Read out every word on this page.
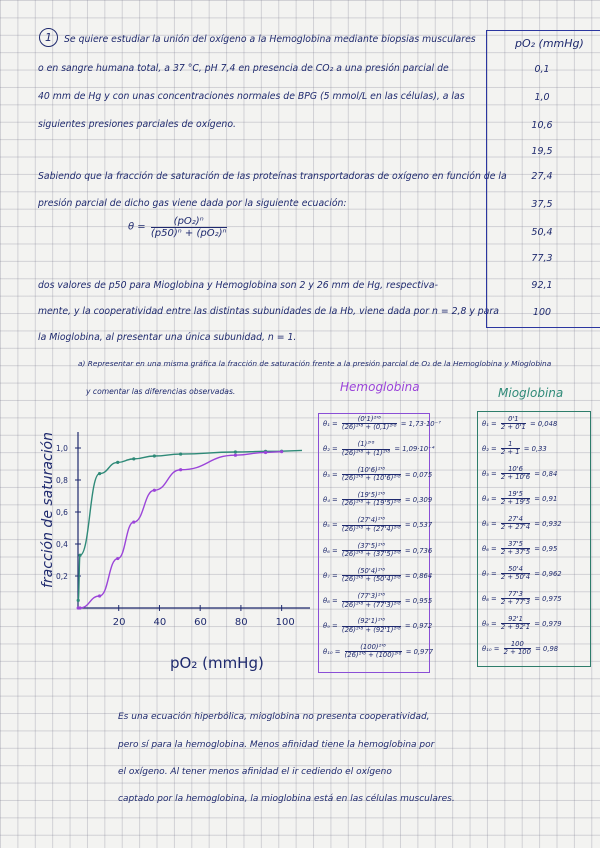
1	Se quiere estudiar la unión del oxígeno a la Hemoglobina mediante biopsias musculares
o en sangre humana total, a 37 °C, pH 7,4 en presencia de CO₂ a una presión parcial de
40 mm de Hg y con unas concentraciones normales de BPG (5 mmol/L en las células), a las
siguientes presiones parciales de oxígeno.
Sabiendo que la fracción de saturación de las proteínas transportadoras de oxígeno en función de la
presión parcial de dicho gas viene dada por la siguiente ecuación:
$\theta = \frac{\text{(pO₂)ⁿ}}{\text{(p50)ⁿ + (pO₂)ⁿ}}$
dos valores de p50 para Mioglobina y Hemoglobina son 2 y 26 mm de Hg, respectiva-
mente, y la cooperatividad entre las distintas subunidades de la Hb, viene dada por n = 2,8 y para
la Mioglobina, al presentar una única subunidad, n = 1.
a) Representar en una misma gráfica la fracción de saturación frente a la presión parcial de O₂ de la Hemoglobina y Mioglobina
y comentar las diferencias observadas.
pO₂ (mmHg)
0,1
1,0
10,6
19,5
27,4
37,5
50,4
77,3
92,1
100
Hemoglobina	Mioglobina
$\theta_1 = \frac{\text{(0'1)²'⁸}}{\text{(26)²'⁸ + (0,1)²'⁸}} = 1,73\cdot 10^{-7}$
$\theta_2 = \frac{\text{(1)²'⁸}}{\text{(26)²'⁸ + (1)²'⁸}} = 1,09\cdot 10^{-4}$
$\theta_3 = \frac{\text{(10'6)²'⁸}}{\text{(26)²'⁸ + (10'6)²'⁸}} = 0,075$
$\theta_4 = \frac{\text{(19'5)²'⁸}}{\text{(26)²'⁸ + (19'5)²'⁸}} = 0,309$
$\theta_5 = \frac{\text{(27'4)²'⁸}}{\text{(26)²'⁸ + (27'4)²'⁸}} = 0,537$
$\theta_6 = \frac{\text{(37'5)²'⁸}}{\text{(26)²'⁸ + (37'5)²'⁸}} = 0,736$
$\theta_7 = \frac{\text{(50'4)²'⁸}}{\text{(26)²'⁸ + (50'4)²'⁸}} = 0,864$
$\theta_8 = \frac{\text{(77'3)²'⁸}}{\text{(26)²'⁸ + (77'3)²'⁸}} = 0,955$
$\theta_9 = \frac{\text{(92'1)²'⁸}}{\text{(26)²'⁸ + (92'1)²'⁸}} = 0,972$
$\theta_{10} = \frac{\text{(100)²'⁸}}{\text{(26)²'⁸ + (100)²'⁸}} = 0,977$
$\theta_1 = \frac{0'1}{2 + 0'1} = 0,048$
$\theta_2 = \frac{1}{2 + 1} = 0,33$
$\theta_3 = \frac{10'6}{2 + 10'6} = 0,84$
$\theta_4 = \frac{19'5}{2 + 19'5} = 0,91$
$\theta_5 = \frac{27'4}{2 + 27'4} = 0,932$
$\theta_6 = \frac{37'5}{2 + 37'5} = 0,95$
$\theta_7 = \frac{50'4}{2 + 50'4} = 0,962$
$\theta_8 = \frac{77'3}{2 + 77'3} = 0,975$
$\theta_9 = \frac{92'1}{2 + 92'1} = 0,979$
$\theta_{10} = \frac{100}{2 + 100} = 0,98$
20	40	60	80	100
0,2
0,4
0,6
0,8
1,0
fracción de saturación
pO₂ (mmHg)
Es una ecuación hiperbólica, mioglobina no presenta cooperatividad,
pero sí para la hemoglobina. Menos afinidad tiene la hemoglobina por
el oxígeno. Al tener menos afinidad el ir cediendo el oxígeno
captado por la hemoglobina, la mioglobina está en las células musculares.
